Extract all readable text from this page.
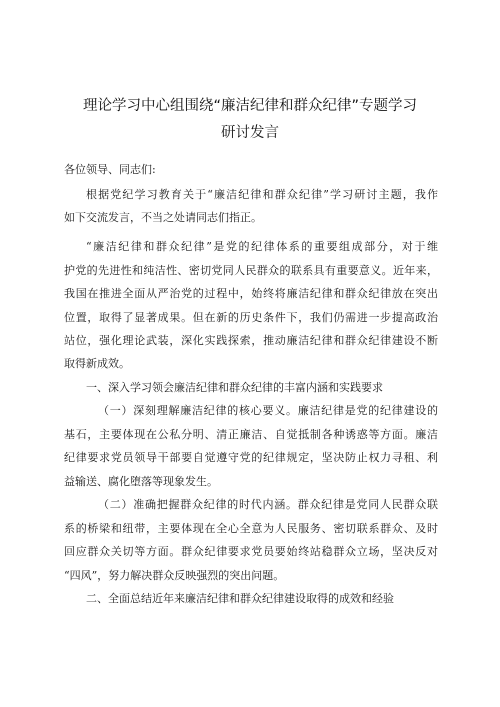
理论学习中心组围绕“廉洁纪律和群众纪律”专题学习
研讨发言
各位领导、同志们:
根据党纪学习教育关于“廉洁纪律和群众纪律”学习研讨主题，我作
如下交流发言，不当之处请同志们指正。
“廉洁纪律和群众纪律”是党的纪律体系的重要组成部分，对于维
护党的先进性和纯洁性、密切党同人民群众的联系具有重要意义。近年来，
我国在推进全面从严治党的过程中，始终将廉洁纪律和群众纪律放在突出
位置，取得了显著成果。但在新的历史条件下，我们仍需进一步提高政治
站位，强化理论武装，深化实践探索，推动廉洁纪律和群众纪律建设不断
取得新成效。
一、深入学习领会廉洁纪律和群众纪律的丰富内涵和实践要求
（一）深刻理解廉洁纪律的核心要义。廉洁纪律是党的纪律建设的
基石，主要体现在公私分明、清正廉洁、自觉抵制各种诱惑等方面。廉洁
纪律要求党员领导干部要自觉遵守党的纪律规定，坚决防止权力寻租、利
益输送、腐化堕落等现象发生。
（二）准确把握群众纪律的时代内涵。群众纪律是党同人民群众联
系的桥梁和纽带，主要体现在全心全意为人民服务、密切联系群众、及时
回应群众关切等方面。群众纪律要求党员要始终站稳群众立场，坚决反对
“四风”，努力解决群众反映强烈的突出问题。
二、全面总结近年来廉洁纪律和群众纪律建设取得的成效和经验
